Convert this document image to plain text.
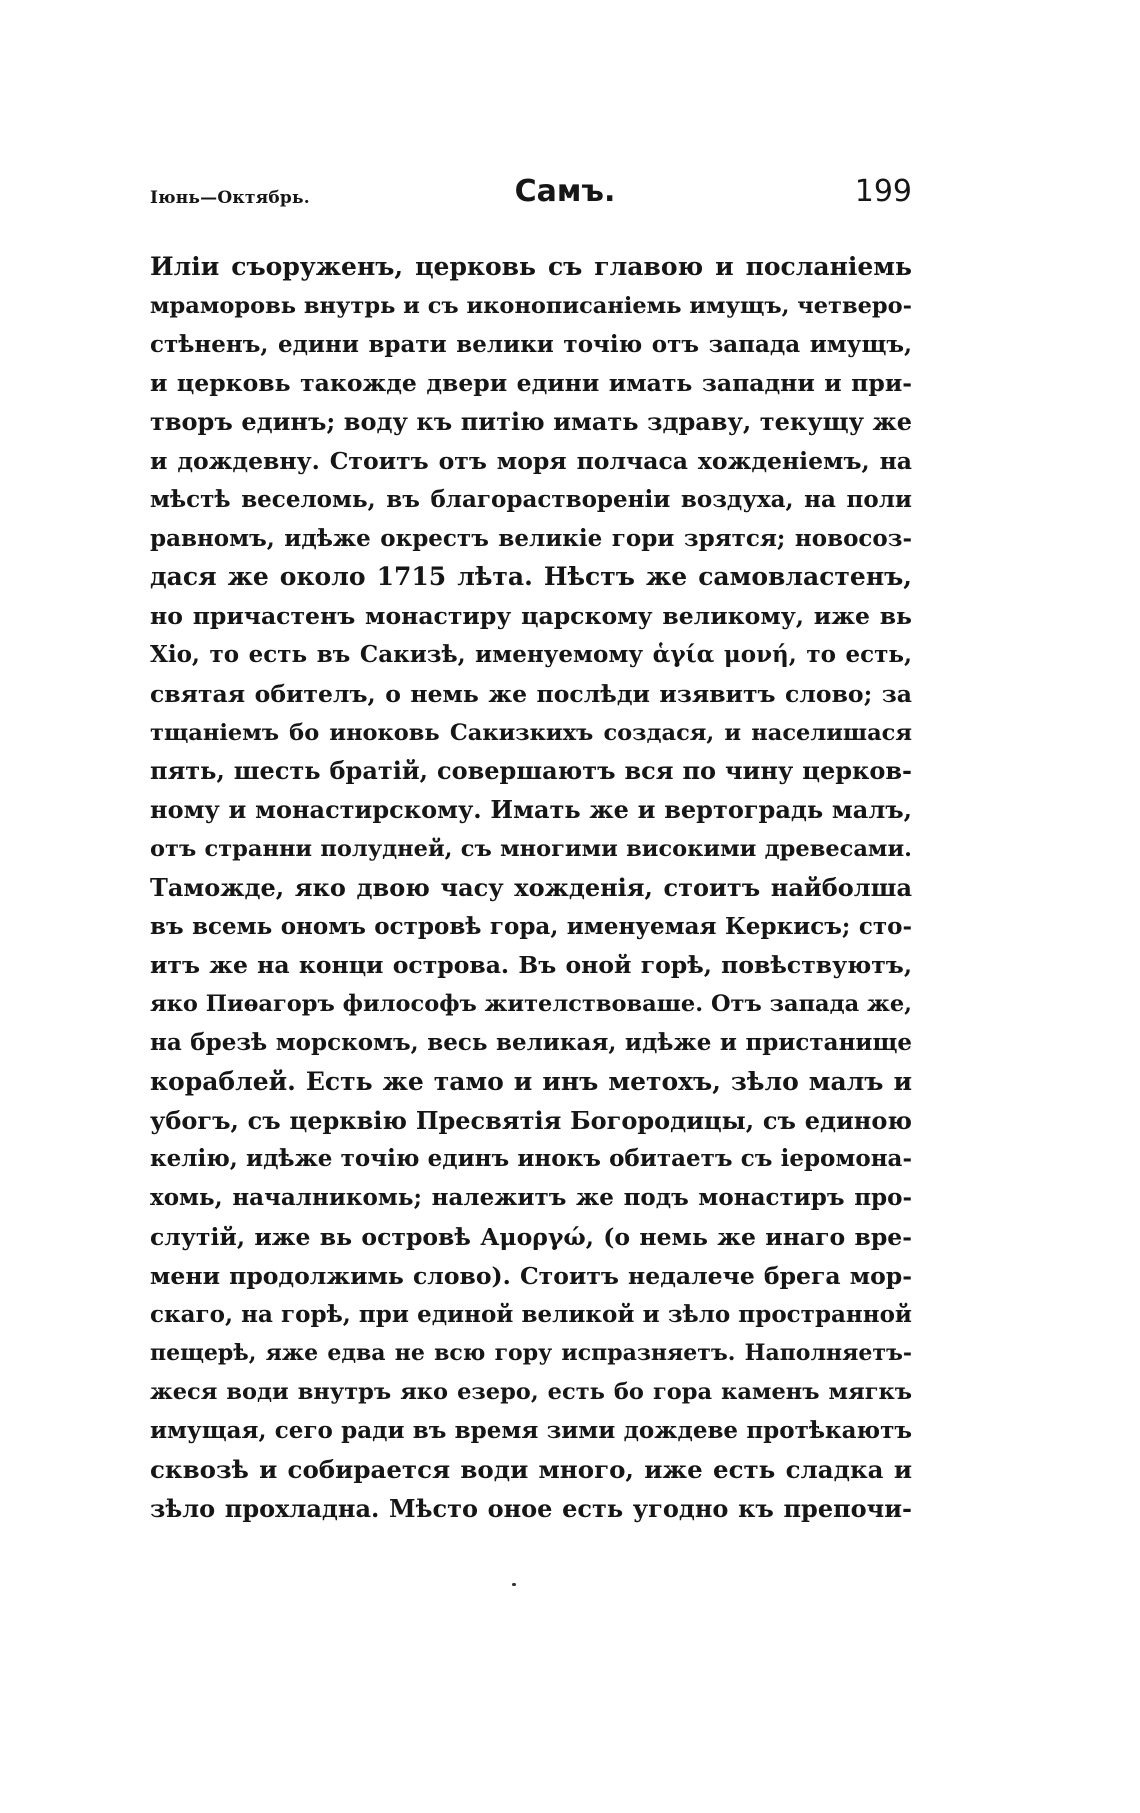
Іюнь—Октябрь.	Самъ.	199
Илiи съоруженъ, церковь съ главою и посланiемь
мраморовь внутрь и съ иконописанiемь имущъ, четверо-
стѣненъ, едини врати велики точiю отъ запада имущъ,
и церковь такожде двери едини имать западни и при-
творъ единъ; воду къ питiю имать здраву, текущу же
и дождевну. Стоитъ отъ моря полчаса хожденiемъ, на
мѣстѣ веселомь, въ благорастворенiи воздуха, на поли
равномъ, идѣже окрестъ великiе гори зрятся; новосоз-
дася же около 1715 лѣта. Нѣстъ же самовластенъ,
но причастенъ монастиру царскому великому, иже вь
Хiо, то есть въ Сакизѣ, именуемому ἁγία μονή, то есть,
святая обителъ, о немь же послѣди изявитъ слово; за
тщанiемъ бо иноковь Сакизкихъ создася, и населишася
пять, шесть братiй, совершаютъ вся по чину церков-
ному и монастирскому. Имать же и вертоградь малъ,
отъ странни полудней, съ многими високими древесами.
Таможде, яко двою часу хожденiя, стоитъ найболша
въ всемь ономъ островѣ гора, именуемая Керкисъ; сто-
итъ же на конци острова. Въ оной горѣ, повѣствуютъ,
яко Пиѳагоръ философъ жителствоваше. Отъ запада же,
на брезѣ морскомъ, весь великая, идѣже и пристанище
кораблей. Есть же тамо и инъ метохъ, зѣло малъ и
убогъ, съ церквiю Пресвятiя Богородицы, съ единою
келiю, идѣже точiю единъ инокъ обитаетъ съ iеромона-
хомь, началникомь; належитъ же подъ монастиръ про-
слутiй, иже вь островѣ Аμοργώ, (о немь же инаго вре-
мени продолжимь слово). Стоитъ недалече брега мор-
скаго, на горѣ, при единой великой и зѣло пространной
пещерѣ, яже едва не всю гору испразняетъ. Наполняетъ-
жеся води внутръ яко езеро, есть бо гора каменъ мягкъ
имущая, сего ради въ время зими дождеве протѣкаютъ
сквозѣ и собирается води много, иже есть сладка и
зѣло прохладна. Мѣсто оное есть угодно къ препочи-
